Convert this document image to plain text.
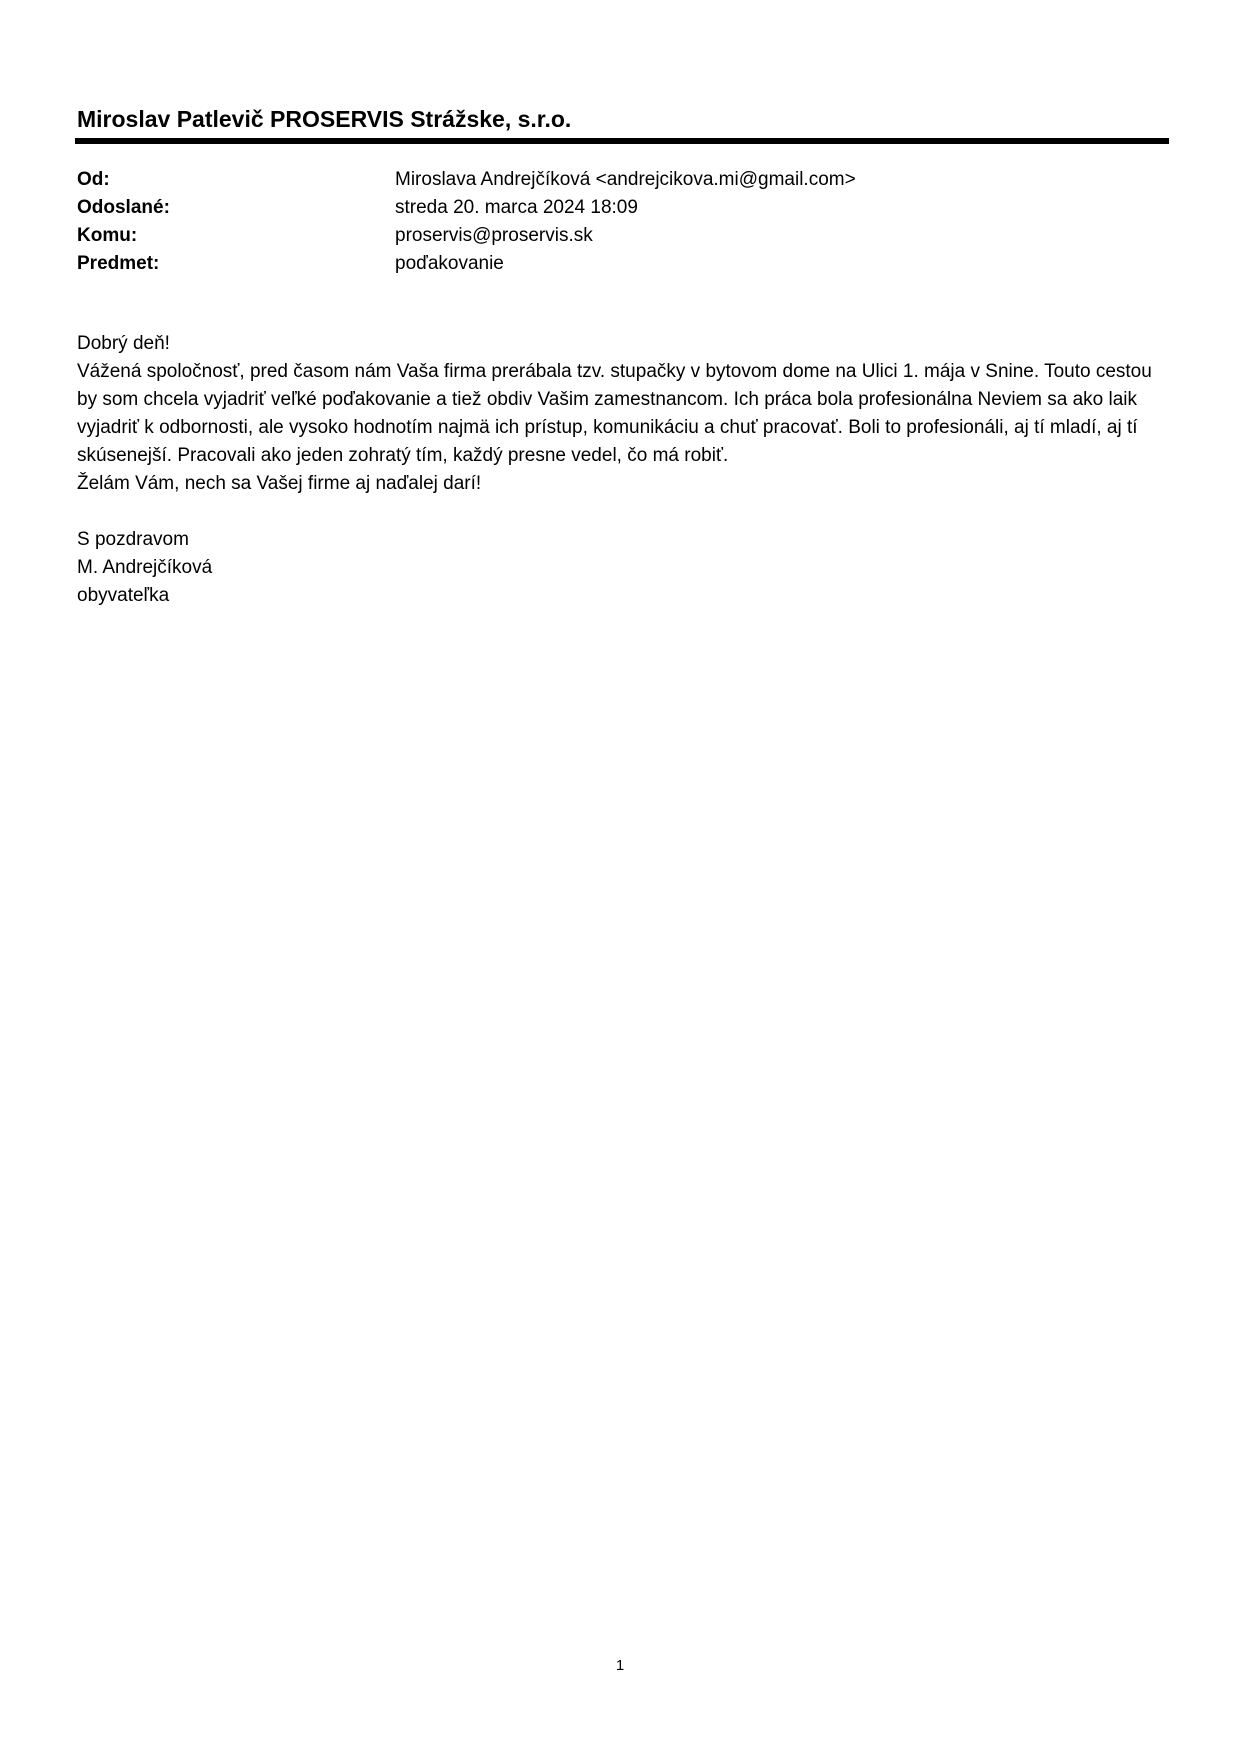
Miroslav Patlevič PROSERVIS Strážske, s.r.o.
Od:	Miroslava Andrejčíková <andrejcikova.mi@gmail.com>
Odoslané:	streda 20. marca 2024 18:09
Komu:	proservis@proservis.sk
Predmet:	poďakovanie

Dobrý deň!

Vážená spoločnosť, pred časom nám Vaša firma prerábala tzv. stupačky v bytovom dome na Ulici 1. mája v Snine. Touto cestou by som chcela vyjadriť veľké poďakovanie a tiež obdiv Vašim zamestnancom. Ich práca bola profesionálna Neviem sa ako laik vyjadriť k odbornosti, ale vysoko hodnotím najmä ich prístup, komunikáciu a chuť pracovať. Boli to profesionáli, aj tí mladí, aj tí skúsenejší. Pracovali ako jeden zohratý tím, každý presne vedel, čo má robiť.

Želám Vám, nech sa Vašej firme aj naďalej darí!

S pozdravom

M. Andrejčíková

obyvateľka

1
